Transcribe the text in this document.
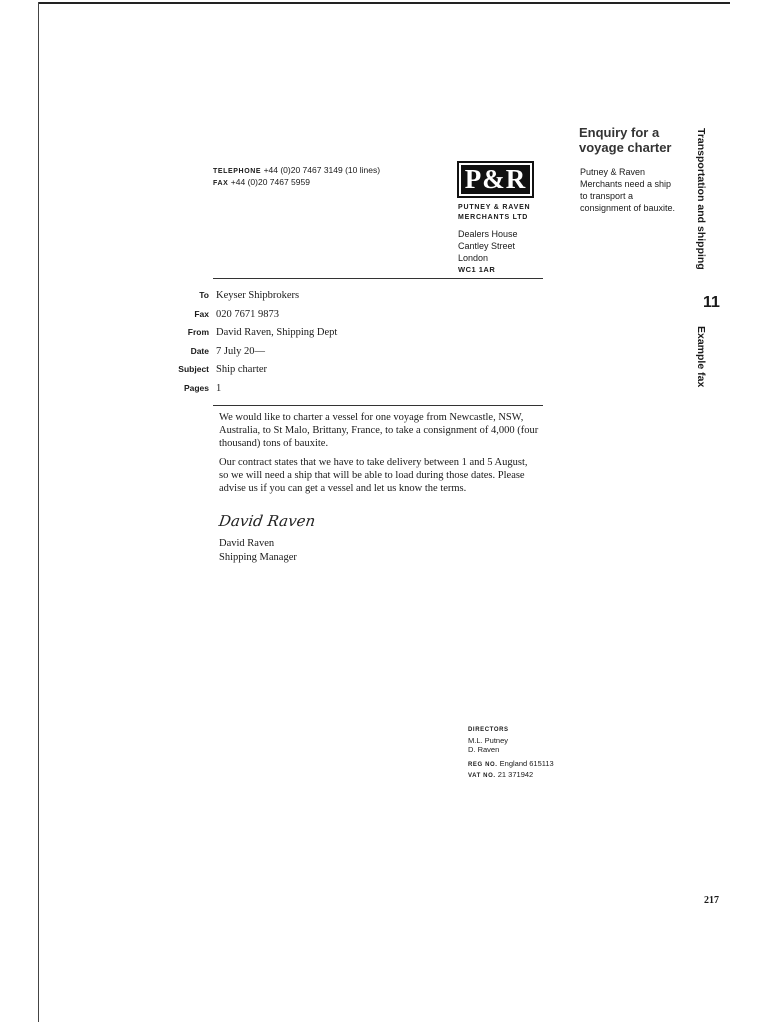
TELEPHONE +44 (0)20 7467 3149 (10 lines)
FAX +44 (0)20 7467 5959	P&R
PUTNEY & RAVEN
MERCHANTS LTD
Dealers House
Cantley Street
London
WC1 1AR
To Keyser Shipbrokers
Fax 020 7671 9873
From David Raven, Shipping Dept
Date 7 July 20—
Subject Ship charter
Pages 1

We would like to charter a vessel for one voyage from Newcastle, NSW, Australia, to St Malo, Brittany, France, to take a consignment of 4,000 (four thousand) tons of bauxite.

Our contract states that we have to take delivery between 1 and 5 August, so we will need a ship that will be able to load during those dates. Please advise us if you can get a vessel and let us know the terms.

David Raven
David Raven
Shipping Manager
DIRECTORS
M.L. Putney
D. Raven
REG NO. England 615113
VAT NO. 21 371942
Enquiry for a
voyage charter
Putney & Raven Merchants need a ship to transport a consignment of bauxite.	Transportation and shipping
11
Example fax
217
